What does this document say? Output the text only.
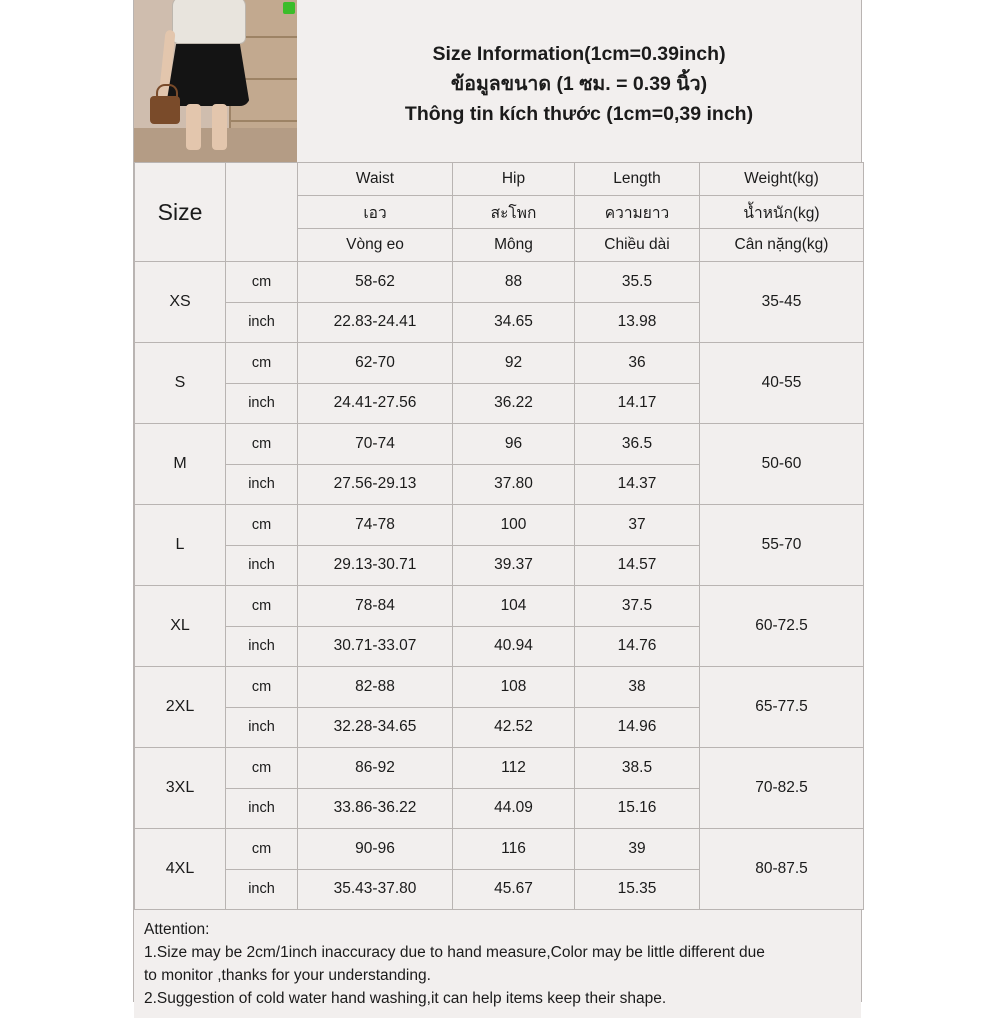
Size Information(1cm=0.39inch)
ข้อมูลขนาด (1 ซม. = 0.39 นิ้ว)
Thông tin kích thước (1cm=0,39 inch)
Size		Waist	Hip	Length	Weight(kg)
		เอว	สะโพก	ความยาว	น้ำหนัก(kg)
		Vòng eo	Mông	Chiều dài	Cân nặng(kg)
XS	cm	58-62	88	35.5	35-45
	inch	22.83-24.41	34.65	13.98	
S	cm	62-70	92	36	40-55
	inch	24.41-27.56	36.22	14.17	
M	cm	70-74	96	36.5	50-60
	inch	27.56-29.13	37.80	14.37	
L	cm	74-78	100	37	55-70
	inch	29.13-30.71	39.37	14.57	
XL	cm	78-84	104	37.5	60-72.5
	inch	30.71-33.07	40.94	14.76	
2XL	cm	82-88	108	38	65-77.5
	inch	32.28-34.65	42.52	14.96	
3XL	cm	86-92	112	38.5	70-82.5
	inch	33.86-36.22	44.09	15.16	
4XL	cm	90-96	116	39	80-87.5
	inch	35.43-37.80	45.67	15.35	

Attention:

1.Size may be 2cm/1inch inaccuracy due to hand measure,Color may be little different due

to monitor ,thanks for your understanding.

2.Suggestion of cold water hand washing,it can help items keep their shape.
